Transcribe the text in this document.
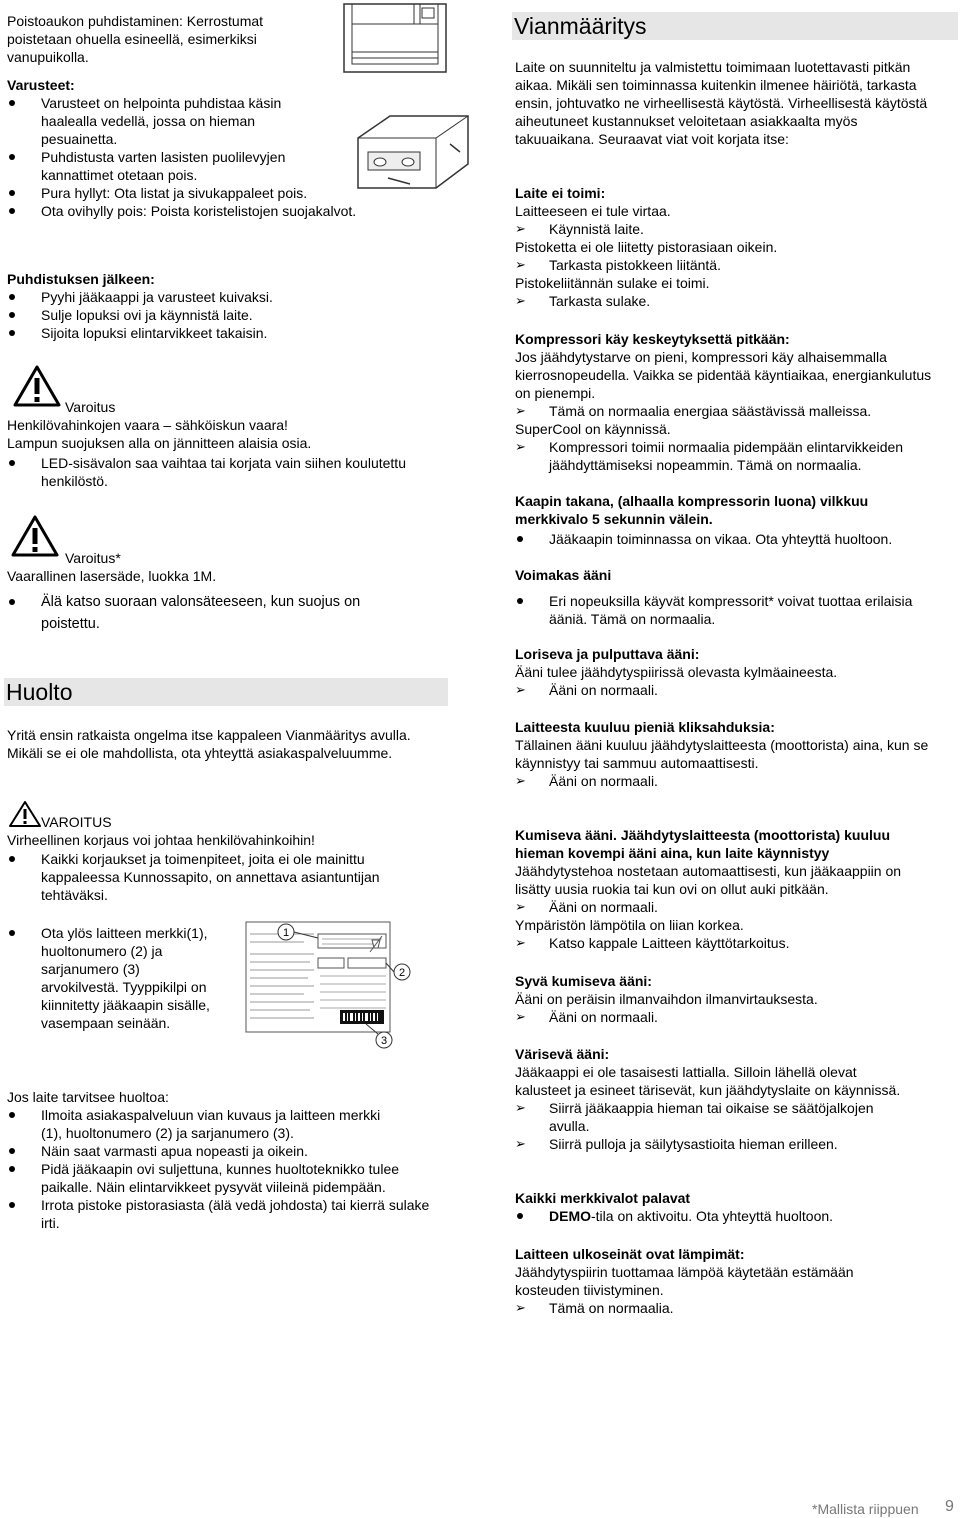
Poistoaukon puhdistaminen: Kerrostumat poistetaan ohuella esineellä, esimerkiksi vanupuikolla.

Varusteet:
Varusteet on helpointa puhdistaa käsin haalealla vedellä, jossa on hieman pesuainetta.
Puhdistusta varten lasisten puolilevyjen kannattimet otetaan pois.
Pura hyllyt: Ota listat ja sivukappaleet pois.
Ota ovihylly pois: Poista koristelistojen suojakalvot.
Puhdistuksen jälkeen:
Pyyhi jääkaappi ja varusteet kuivaksi.
Sulje lopuksi ovi ja käynnistä laite.
Sijoita lopuksi elintarvikkeet takaisin.
Varoitus

Henkilövahinkojen vaara – sähköiskun vaara!

Lampun suojuksen alla on jännitteen alaisia osia.

LED-sisävalon saa vaihtaa tai korjata vain siihen koulutettu henkilöstö.
Varoitus*

Vaarallinen lasersäde, luokka 1M.

Älä katso suoraan valonsäteeseen, kun suojus on poistettu.
Huolto
Yritä ensin ratkaista ongelma itse kappaleen Vianmääritys avulla. Mikäli se ei ole mahdollista, ota yhteyttä asiakaspalveluumme.
VAROITUS
Virheellinen korjaus voi johtaa henkilövahinkoihin!
Kaikki korjaukset ja toimenpiteet, joita ei ole mainittu kappaleessa Kunnossapito, on annettava asiantuntijan tehtäväksi.
Ota ylös laitteen merkki(1), huoltonumero (2) ja sarjanumero (3) arvokilvestä. Tyyppikilpi on kiinnitetty jääkaapin sisälle, vasempaan seinään.
1
2
3
Jos laite tarvitsee huoltoa:
Ilmoita asiakaspalveluun vian kuvaus ja laitteen merkki (1), huoltonumero (2) ja sarjanumero (3).
Näin saat varmasti apua nopeasti ja oikein.
Pidä jääkaapin ovi suljettuna, kunnes huoltoteknikko tulee paikalle. Näin elintarvikkeet pysyvät viileinä pidempään.
Irrota pistoke pistorasiasta (älä vedä johdosta) tai kierrä sulake irti.
Vianmääritys
Laite on suunniteltu ja valmistettu toimimaan luotettavasti pitkän aikaa. Mikäli sen toiminnassa kuitenkin ilmenee häiriötä, tarkasta ensin, johtuvatko ne virheellisestä käytöstä. Virheellisestä käytöstä aiheutuneet kustannukset veloitetaan asiakkaalta myös takuuaikana. Seuraavat viat voit korjata itse:

Laite ei toimi:

Laitteeseen ei tule virtaa.

➢ Käynnistä laite.

Pistoketta ei ole liitetty pistorasiaan oikein.

➢ Tarkasta pistokkeen liitäntä.

Pistokeliitännän sulake ei toimi.

➢ Tarkasta sulake.

Kompressori käy keskeytyksettä pitkään:

Jos jäähdytystarve on pieni, kompressori käy alhaisemmalla kierrosnopeudella. Vaikka se pidentää käyntiaikaa, energiankulutus on pienempi.

➢ Tämä on normaalia energiaa säästävissä malleissa.

SuperCool on käynnissä.

➢ Kompressori toimii normaalia pidempään elintarvikkeiden jäähdyttämiseksi nopeammin. Tämä on normaalia.

Kaapin takana, (alhaalla kompressorin luona) vilkkuu merkkivalo 5 sekunnin välein.

Jääkaapin toiminnassa on vikaa. Ota yhteyttä huoltoon.

Voimakas ääni

Eri nopeuksilla käyvät kompressorit* voivat tuottaa erilaisia ääniä. Tämä on normaalia.

Loriseva ja pulputtava ääni:

Ääni tulee jäähdytyspiirissä olevasta kylmäaineesta.

➢ Ääni on normaali.

Laitteesta kuuluu pieniä kliksahduksia:

Tällainen ääni kuuluu jäähdytyslaitteesta (moottorista) aina, kun se käynnistyy tai sammuu automaattisesti.

➢ Ääni on normaali.

Kumiseva ääni. Jäähdytyslaitteesta (moottorista) kuuluu hieman kovempi ääni aina, kun laite käynnistyy

Jäähdytystehoa nostetaan automaattisesti, kun jääkaappiin on lisätty uusia ruokia tai kun ovi on ollut auki pitkään.

➢ Ääni on normaali.

Ympäristön lämpötila on liian korkea.

➢ Katso kappale Laitteen käyttötarkoitus.

Syvä kumiseva ääni:

Ääni on peräisin ilmanvaihdon ilmanvirtauksesta.

➢ Ääni on normaali.

Värisevä ääni:

Jääkaappi ei ole tasaisesti lattialla. Silloin lähellä olevat kalusteet ja esineet tärisevät, kun jäähdytyslaite on käynnissä.

➢ Siirrä jääkaappia hieman tai oikaise se säätöjalkojen avulla.
➢ Siirrä pulloja ja säilytysastioita hieman erilleen.

Kaikki merkkivalot palavat

DEMO-tila on aktivoitu. Ota yhteyttä huoltoon.

Laitteen ulkoseinät ovat lämpimät:

Jäähdytyspiirin tuottamaa lämpöä käytetään estämään kosteuden tiivistyminen.

➢ Tämä on normaalia.
*Mallista riippuen 9
